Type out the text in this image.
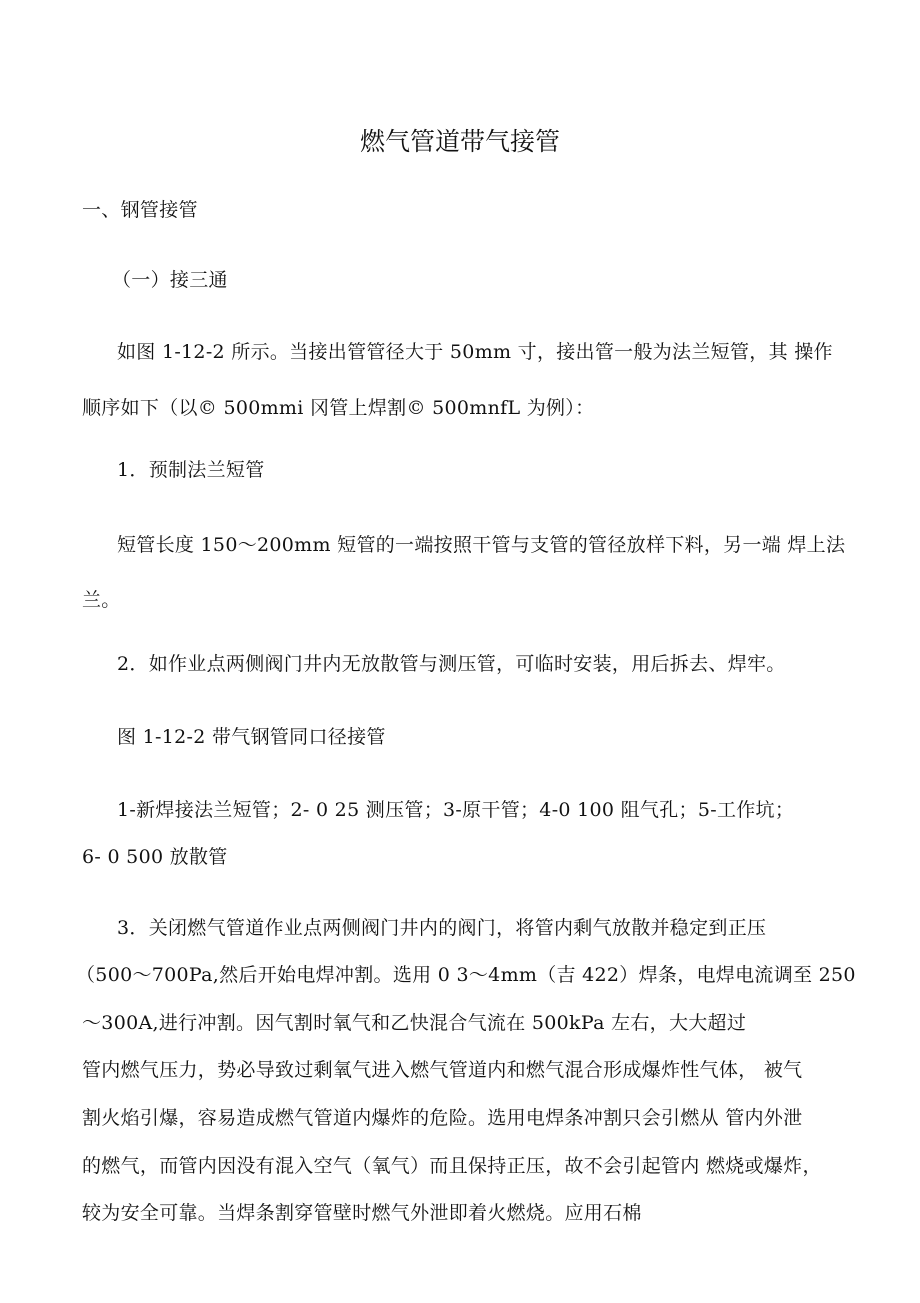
燃气管道带气接管
一、钢管接管
（一）接三通
如图 1-12-2 所示。当接出管管径大于 50mm 寸，接出管一般为法兰短管，其 操作
顺序如下（以© 500mmi 冈管上焊割© 500mnfL 为例）：
1．预制法兰短管
短管长度 150〜200mm 短管的一端按照干管与支管的管径放样下料，另一端 焊上法
兰。
2．如作业点两侧阀门井内无放散管与测压管，可临时安装，用后拆去、焊牢。
图 1-12-2 带气钢管同口径接管
1-新焊接法兰短管；2- 0 25 测压管；3-原干管；4-0 100 阻气孔；5-工作坑；
6- 0 500 放散管
3．关闭燃气管道作业点两侧阀门井内的阀门，将管内剩气放散并稳定到正压
（500〜700Pa,然后开始电焊冲割。选用 0 3〜4mm（吉 422）焊条，电焊电流调至 250
〜300A,进行冲割。因气割时氧气和乙快混合气流在 500kPa 左右，大大超过
管内燃气压力，势必导致过剩氧气进入燃气管道内和燃气混合形成爆炸性气体， 被气
割火焰引爆，容易造成燃气管道内爆炸的危险。选用电焊条冲割只会引燃从 管内外泄
的燃气，而管内因没有混入空气（氧气）而且保持正压，故不会引起管内 燃烧或爆炸，
较为安全可靠。当焊条割穿管壁时燃气外泄即着火燃烧。应用石棉
